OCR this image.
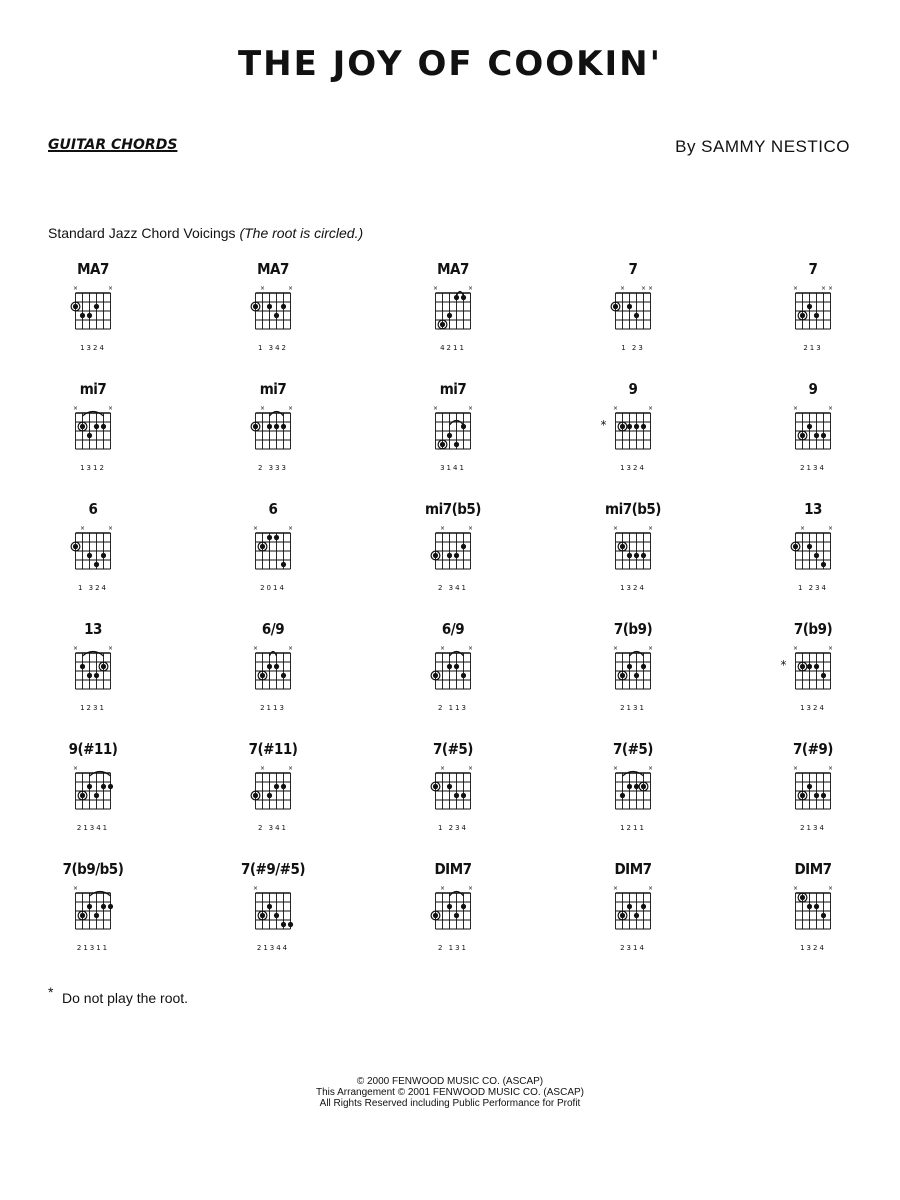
THE JOY OF COOKIN'
GUITAR CHORDS	By SAMMY NESTICO
Standard Jazz Chord Voicings (The root is circled.)
×	×
MA7
1324
×	×
MA7
1 342
×	×
MA7
4211
×	× ×
7
1 23
×	× ×
7
213
×	×
mi7
1312
×	×
mi7
2 333
×	×
mi7
3141
×	×
*
9
1324
×	×
9
2134
×	×
6
1 324
×	×
6
2014
×	×
mi7(b5)
2 341
×	×
mi7(b5)
1324
×	×
13
1 234
×	×
13
1231
×	×
6/9
2113
×	×
6/9
2 113
×	×
7(b9)
2131
×	×
*
7(b9)
1324
×
9(#11)
21341
×	×
7(#11)
2 341
×	×
7(#5)
1 234
×	×
7(#5)
1211
×	×
7(#9)
2134
×
7(b9/b5)
21311
×
7(#9/#5)
21344
×	×
DIM7
2 131
×	×
DIM7
2314
×	×
DIM7
1324
* Do not play the root.
© 2000 FENWOOD MUSIC CO. (ASCAP)
This Arrangement © 2001 FENWOOD MUSIC CO. (ASCAP)
All Rights Reserved including Public Performance for Profit
